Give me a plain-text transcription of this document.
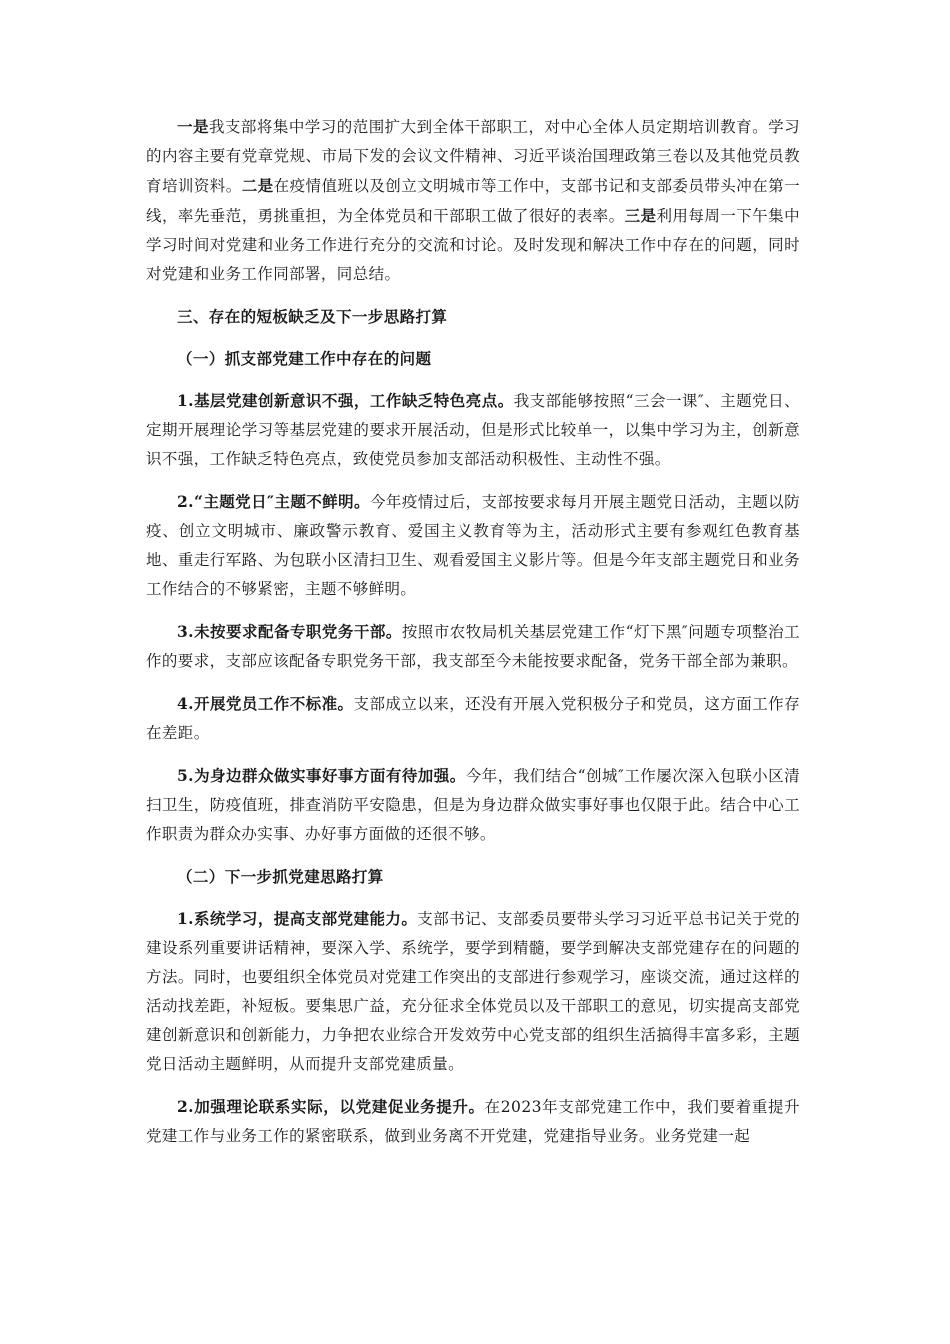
一是我支部将集中学习的范围扩大到全体干部职工，对中心全体人员定期培训教育。学习的内容主要有党章党规、市局下发的会议文件精神、习近平谈治国理政第三卷以及其他党员教育培训资料。二是在疫情值班以及创立文明城市等工作中，支部书记和支部委员带头冲在第一线，率先垂范，勇挑重担，为全体党员和干部职工做了很好的表率。三是利用每周一下午集中学习时间对党建和业务工作进行充分的交流和讨论。及时发现和解决工作中存在的问题，同时对党建和业务工作同部署，同总结。

三、存在的短板缺乏及下一步思路打算

（一）抓支部党建工作中存在的问题

1.基层党建创新意识不强，工作缺乏特色亮点。我支部能够按照“三会一课″、主题党日、定期开展理论学习等基层党建的要求开展活动，但是形式比较单一，以集中学习为主，创新意识不强，工作缺乏特色亮点，致使党员参加支部活动积极性、主动性不强。

2.“主题党日″主题不鲜明。今年疫情过后，支部按要求每月开展主题党日活动，主题以防疫、创立文明城市、廉政警示教育、爱国主义教育等为主，活动形式主要有参观红色教育基地、重走行军路、为包联小区清扫卫生、观看爱国主义影片等。但是今年支部主题党日和业务工作结合的不够紧密，主题不够鲜明。

3.未按要求配备专职党务干部。按照市农牧局机关基层党建工作“灯下黑″问题专项整治工作的要求，支部应该配备专职党务干部，我支部至今未能按要求配备，党务干部全部为兼职。

4.开展党员工作不标准。支部成立以来，还没有开展入党积极分子和党员，这方面工作存在差距。

5.为身边群众做实事好事方面有待加强。今年，我们结合“创城″工作屡次深入包联小区清扫卫生，防疫值班，排查消防平安隐患，但是为身边群众做实事好事也仅限于此。结合中心工作职责为群众办实事、办好事方面做的还很不够。

（二）下一步抓党建思路打算

1.系统学习，提高支部党建能力。支部书记、支部委员要带头学习习近平总书记关于党的建设系列重要讲话精神，要深入学、系统学，要学到精髓，要学到解决支部党建存在的问题的方法。同时，也要组织全体党员对党建工作突出的支部进行参观学习，座谈交流，通过这样的活动找差距，补短板。要集思广益，充分征求全体党员以及干部职工的意见，切实提高支部党建创新意识和创新能力，力争把农业综合开发效劳中心党支部的组织生活搞得丰富多彩，主题党日活动主题鲜明，从而提升支部党建质量。

2.加强理论联系实际，以党建促业务提升。在2023年支部党建工作中，我们要着重提升党建工作与业务工作的紧密联系，做到业务离不开党建，党建指导业务。业务党建一起
